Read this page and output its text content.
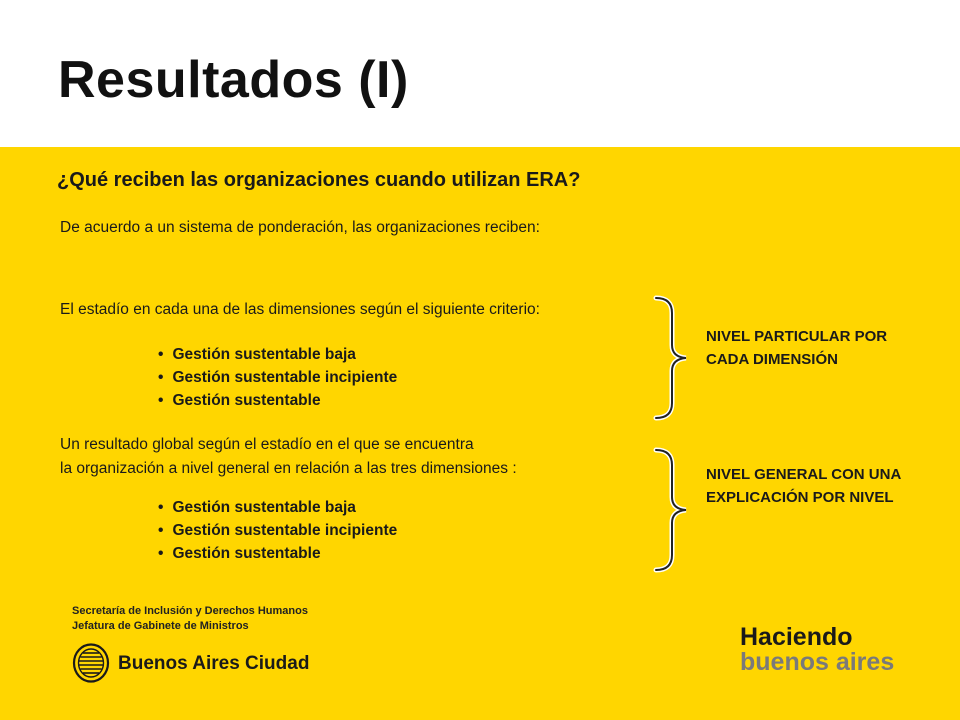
Resultados (I)
¿Qué reciben las organizaciones cuando utilizan ERA?
De acuerdo a un sistema de ponderación, las organizaciones reciben:
El estadío en cada una de las dimensiones según el siguiente criterio:
• Gestión sustentable baja
• Gestión sustentable incipiente
• Gestión sustentable
Un resultado global según el estadío en el que se encuentra
la organización a nivel general en relación a las tres dimensiones :
• Gestión sustentable baja
• Gestión sustentable incipiente
• Gestión sustentable
NIVEL PARTICULAR POR CADA DIMENSIÓN
NIVEL GENERAL CON UNA EXPLICACIÓN POR NIVEL
Secretaría de Inclusión y Derechos Humanos
Jefatura de Gabinete de Ministros
Buenos Aires Ciudad
Haciendo
buenos aires
